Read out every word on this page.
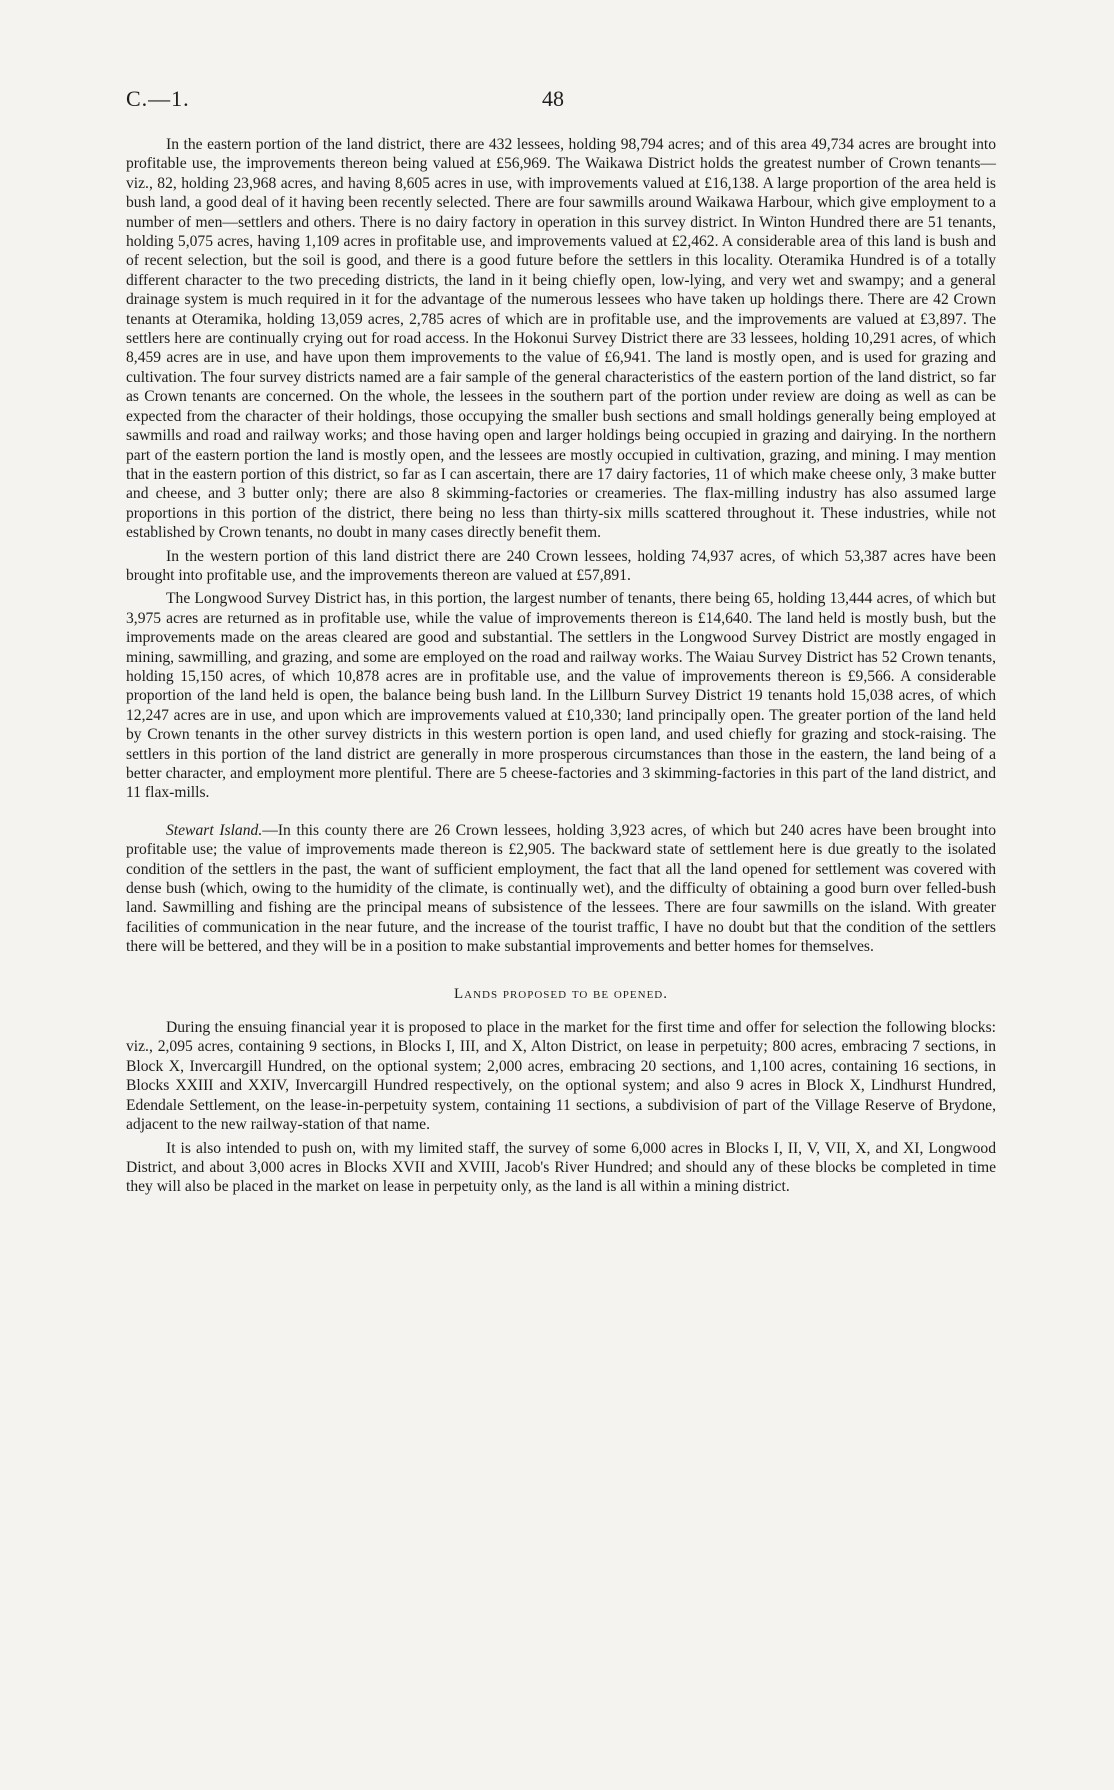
C.—1.	48

In the eastern portion of the land district, there are 432 lessees, holding 98,794 acres; and of this area 49,734 acres are brought into profitable use, the improvements thereon being valued at £56,969. The Waikawa District holds the greatest number of Crown tenants—viz., 82, holding 23,968 acres, and having 8,605 acres in use, with improvements valued at £16,138. A large proportion of the area held is bush land, a good deal of it having been recently selected. There are four sawmills around Waikawa Harbour, which give employment to a number of men—settlers and others. There is no dairy factory in operation in this survey district. In Winton Hundred there are 51 tenants, holding 5,075 acres, having 1,109 acres in profitable use, and improvements valued at £2,462. A considerable area of this land is bush and of recent selection, but the soil is good, and there is a good future before the settlers in this locality. Oteramika Hundred is of a totally different character to the two preceding districts, the land in it being chiefly open, low-lying, and very wet and swampy; and a general drainage system is much required in it for the advantage of the numerous lessees who have taken up holdings there. There are 42 Crown tenants at Oteramika, holding 13,059 acres, 2,785 acres of which are in profitable use, and the improvements are valued at £3,897. The settlers here are continually crying out for road access. In the Hokonui Survey District there are 33 lessees, holding 10,291 acres, of which 8,459 acres are in use, and have upon them improvements to the value of £6,941. The land is mostly open, and is used for grazing and cultivation. The four survey districts named are a fair sample of the general characteristics of the eastern portion of the land district, so far as Crown tenants are concerned. On the whole, the lessees in the southern part of the portion under review are doing as well as can be expected from the character of their holdings, those occupying the smaller bush sections and small holdings generally being employed at sawmills and road and railway works; and those having open and larger holdings being occupied in grazing and dairying. In the northern part of the eastern portion the land is mostly open, and the lessees are mostly occupied in cultivation, grazing, and mining. I may mention that in the eastern portion of this district, so far as I can ascertain, there are 17 dairy factories, 11 of which make cheese only, 3 make butter and cheese, and 3 butter only; there are also 8 skimming-factories or creameries. The flax-milling industry has also assumed large proportions in this portion of the district, there being no less than thirty-six mills scattered throughout it. These industries, while not established by Crown tenants, no doubt in many cases directly benefit them.

In the western portion of this land district there are 240 Crown lessees, holding 74,937 acres, of which 53,387 acres have been brought into profitable use, and the improvements thereon are valued at £57,891.

The Longwood Survey District has, in this portion, the largest number of tenants, there being 65, holding 13,444 acres, of which but 3,975 acres are returned as in profitable use, while the value of improvements thereon is £14,640. The land held is mostly bush, but the improvements made on the areas cleared are good and substantial. The settlers in the Longwood Survey District are mostly engaged in mining, sawmilling, and grazing, and some are employed on the road and railway works. The Waiau Survey District has 52 Crown tenants, holding 15,150 acres, of which 10,878 acres are in profitable use, and the value of improvements thereon is £9,566. A considerable proportion of the land held is open, the balance being bush land. In the Lillburn Survey District 19 tenants hold 15,038 acres, of which 12,247 acres are in use, and upon which are improvements valued at £10,330; land principally open. The greater portion of the land held by Crown tenants in the other survey districts in this western portion is open land, and used chiefly for grazing and stock-raising. The settlers in this portion of the land district are generally in more prosperous circumstances than those in the eastern, the land being of a better character, and employment more plentiful. There are 5 cheese-factories and 3 skimming-factories in this part of the land district, and 11 flax-mills.

Stewart Island.—In this county there are 26 Crown lessees, holding 3,923 acres, of which but 240 acres have been brought into profitable use; the value of improvements made thereon is £2,905. The backward state of settlement here is due greatly to the isolated condition of the settlers in the past, the want of sufficient employment, the fact that all the land opened for settlement was covered with dense bush (which, owing to the humidity of the climate, is continually wet), and the difficulty of obtaining a good burn over felled-bush land. Sawmilling and fishing are the principal means of subsistence of the lessees. There are four sawmills on the island. With greater facilities of communication in the near future, and the increase of the tourist traffic, I have no doubt but that the condition of the settlers there will be bettered, and they will be in a position to make substantial improvements and better homes for themselves.

Lands proposed to be opened.

During the ensuing financial year it is proposed to place in the market for the first time and offer for selection the following blocks: viz., 2,095 acres, containing 9 sections, in Blocks I, III, and X, Alton District, on lease in perpetuity; 800 acres, embracing 7 sections, in Block X, Invercargill Hundred, on the optional system; 2,000 acres, embracing 20 sections, and 1,100 acres, containing 16 sections, in Blocks XXIII and XXIV, Invercargill Hundred respectively, on the optional system; and also 9 acres in Block X, Lindhurst Hundred, Edendale Settlement, on the lease-in-perpetuity system, containing 11 sections, a subdivision of part of the Village Reserve of Brydone, adjacent to the new railway-station of that name.

It is also intended to push on, with my limited staff, the survey of some 6,000 acres in Blocks I, II, V, VII, X, and XI, Longwood District, and about 3,000 acres in Blocks XVII and XVIII, Jacob's River Hundred; and should any of these blocks be completed in time they will also be placed in the market on lease in perpetuity only, as the land is all within a mining district.
